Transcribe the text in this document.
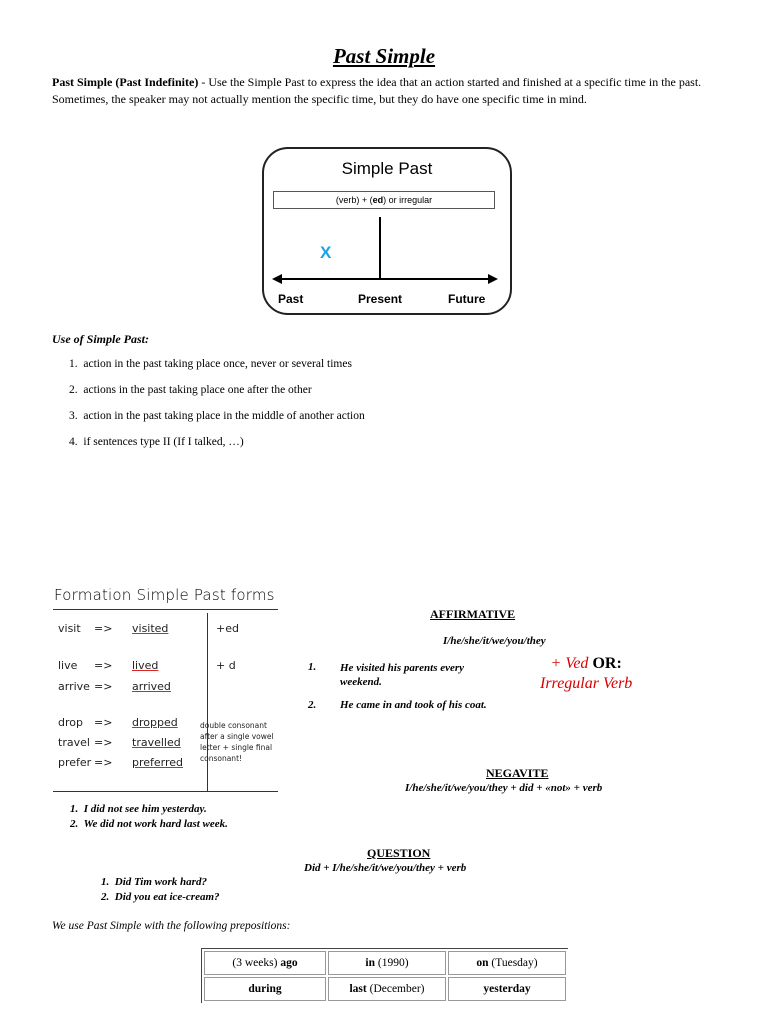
Past Simple
Past Simple (Past Indefinite) - Use the Simple Past to express the idea that an action started and finished at a specific time in the past. Sometimes, the speaker may not actually mention the specific time, but they do have one specific time in mind.
Simple Past
(verb) + (ed) or irregular
X
Past	Present	Future
Use of Simple Past:
1.  action in the past taking place once, never or several times
2.  actions in the past taking place one after the other
3.  action in the past taking place in the middle of another action
4.  if sentences type II (If I talked, …)
Formation Simple Past forms
visit => visited	+ed
live => lived	+ d
arrive => arrived
drop => dropped
travel => travelled
prefer => preferred
double consonant
after a single vowel
letter + single final
consonant!
AFFIRMATIVE
I/he/she/it/we/you/they
1. He visited his parents every
weekend.
2. He came in and took of his coat.
+ Ved OR:
Irregular Verb
NEGAVITE
I/he/she/it/we/you/they + did + «not» + verb
1.  I did not see him yesterday.
2.  We did not work hard last week.
QUESTION
Did + I/he/she/it/we/you/they + verb
1.  Did Tim work hard?
2.  Did you eat ice-cream?
We use Past Simple with the following prepositions:
(3 weeks) ago	in (1990)	on (Tuesday)
during	last (December)	yesterday
